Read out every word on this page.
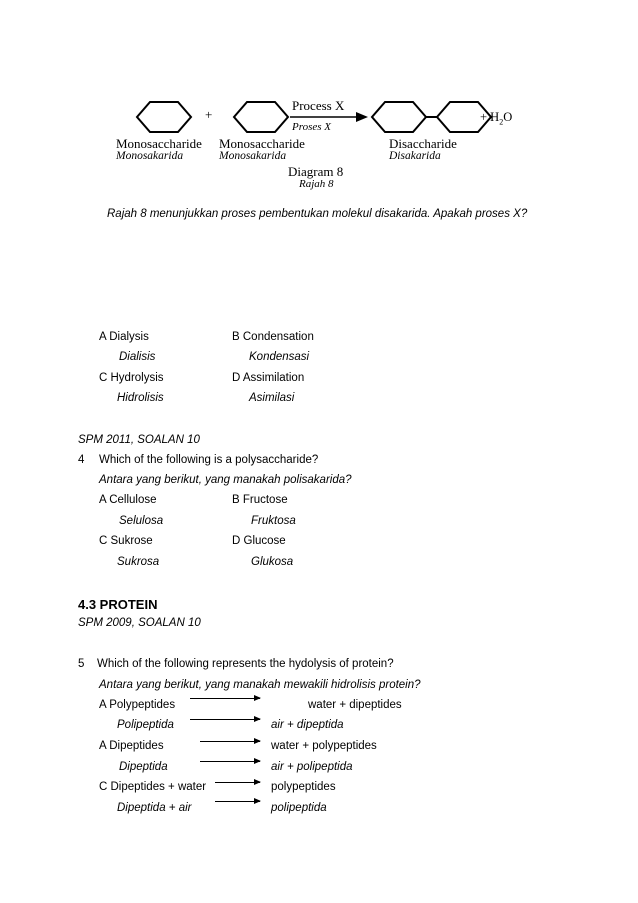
+
Process X
Proses X
+ $H_2O$
Monosaccharide
Monosakarida
Monosaccharide
Monosakarida
Disaccharide
Disakarida
Diagram 8
Rajah 8
Rajah 8 menunjukkan proses pembentukan molekul disakarida. Apakah proses X?
A Dialysis
Dialisis
B Condensation
Kondensasi
C Hydrolysis
Hidrolisis
D Assimilation
Asimilasi
SPM 2011, SOALAN 10
4 Which of the following is a polysaccharide?
Antara yang berikut, yang manakah polisakarida?
A Cellulose
Selulosa
B Fructose
Fruktosa
C Sukrose
Sukrosa
D Glucose
Glukosa
4.3 PROTEIN
SPM 2009, SOALAN 10
5 Which of the following represents the hydolysis of protein?
Antara yang berikut, yang manakah mewakili hidrolisis protein?
A Polypeptides	water + dipeptides
Polipeptida	air + dipeptida
A Dipeptides	water + polypeptides
Dipeptida	air + polipeptida
C Dipeptides + water	polypeptides
Dipeptida + air	polipeptida
